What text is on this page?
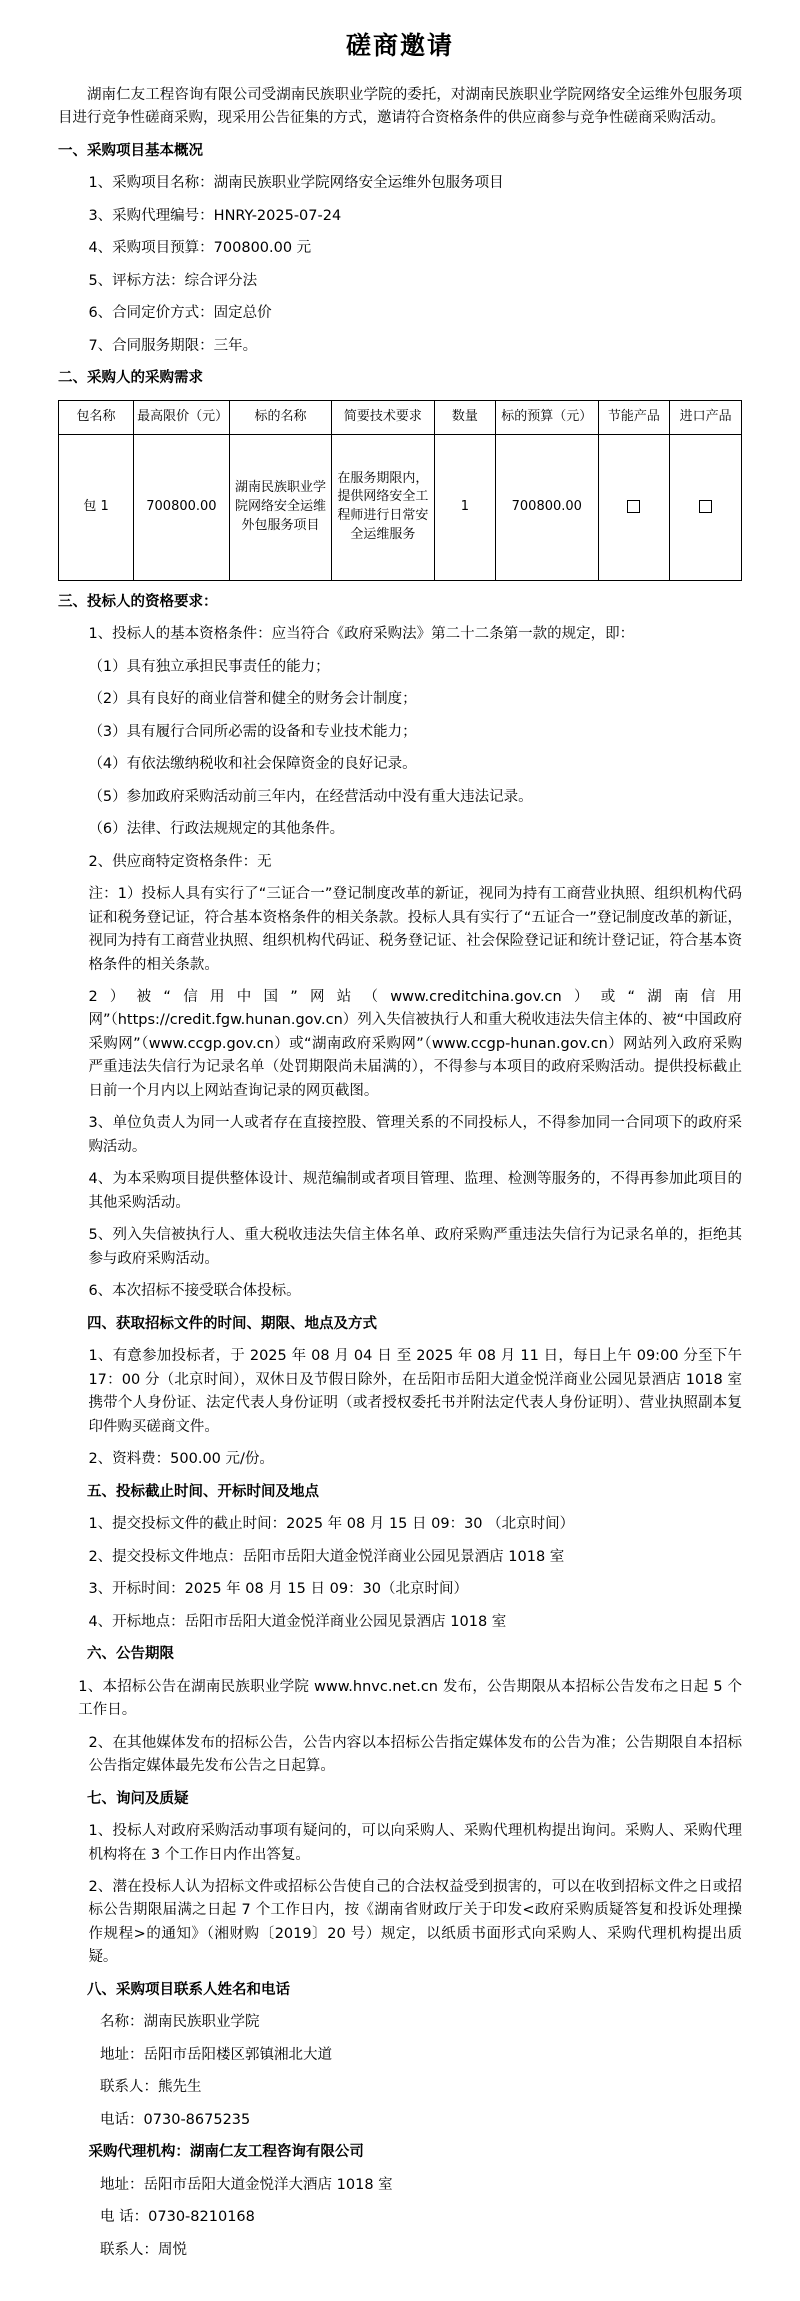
磋商邀请

湖南仁友工程咨询有限公司受湖南民族职业学院的委托，对湖南民族职业学院网络安全运维外包服务项目进行竞争性磋商采购，现采用公告征集的方式，邀请符合资格条件的供应商参与竞争性磋商采购活动。

一、采购项目基本概况

1、采购项目名称：湖南民族职业学院网络安全运维外包服务项目

3、采购代理编号：HNRY-2025-07-24

4、采购项目预算：700800.00 元

5、评标方法：综合评分法

6、合同定价方式：固定总价

7、合同服务期限：三年。

二、采购人的采购需求
包名称	最高限价（元）	标的名称	简要技术要求	数量	标的预算（元）	节能产品	进口产品
包 1	700800.00	湖南民族职业学院网络安全运维外包服务项目	在服务期限内，提供网络安全工程师进行日常安全运维服务	1	700800.00		
三、投标人的资格要求：

1、投标人的基本资格条件：应当符合《政府采购法》第二十二条第一款的规定，即：

（1）具有独立承担民事责任的能力；

（2）具有良好的商业信誉和健全的财务会计制度；

（3）具有履行合同所必需的设备和专业技术能力；

（4）有依法缴纳税收和社会保障资金的良好记录。

（5）参加政府采购活动前三年内，在经营活动中没有重大违法记录。

（6）法律、行政法规规定的其他条件。

2、供应商特定资格条件：无

注：1）投标人具有实行了“三证合一”登记制度改革的新证，视同为持有工商营业执照、组织机构代码证和税务登记证，符合基本资格条件的相关条款。投标人具有实行了“五证合一”登记制度改革的新证，视同为持有工商营业执照、组织机构代码证、税务登记证、社会保险登记证和统计登记证，符合基本资格条件的相关条款。

2）被“信用中国”网站（www.creditchina.gov.cn）或“湖南信用网”（https://credit.fgw.hunan.gov.cn）列入失信被执行人和重大税收违法失信主体的、被“中国政府采购网”（www.ccgp.gov.cn）或“湖南政府采购网”（www.ccgp-hunan.gov.cn）网站列入政府采购严重违法失信行为记录名单（处罚期限尚未届满的），不得参与本项目的政府采购活动。提供投标截止日前一个月内以上网站查询记录的网页截图。

3、单位负责人为同一人或者存在直接控股、管理关系的不同投标人，不得参加同一合同项下的政府采购活动。

4、为本采购项目提供整体设计、规范编制或者项目管理、监理、检测等服务的，不得再参加此项目的其他采购活动。

5、列入失信被执行人、重大税收违法失信主体名单、政府采购严重违法失信行为记录名单的，拒绝其参与政府采购活动。

6、本次招标不接受联合体投标。

四、获取招标文件的时间、期限、地点及方式

1、有意参加投标者，于 2025 年 08 月 04 日 至 2025 年 08 月 11 日，每日上午 09:00 分至下午 17：00 分（北京时间），双休日及节假日除外，在岳阳市岳阳大道金悦洋商业公园见景酒店 1018 室携带个人身份证、法定代表人身份证明（或者授权委托书并附法定代表人身份证明）、营业执照副本复印件购买磋商文件。

2、资料费：500.00 元/份。

五、投标截止时间、开标时间及地点

1、提交投标文件的截止时间：2025 年 08 月 15 日 09：30 （北京时间）

2、提交投标文件地点：岳阳市岳阳大道金悦洋商业公园见景酒店 1018 室

3、开标时间：2025 年 08 月 15 日 09：30（北京时间）

4、开标地点：岳阳市岳阳大道金悦洋商业公园见景酒店 1018 室

六、公告期限

1、本招标公告在湖南民族职业学院 www.hnvc.net.cn 发布，公告期限从本招标公告发布之日起 5 个工作日。

2、在其他媒体发布的招标公告，公告内容以本招标公告指定媒体发布的公告为准；公告期限自本招标公告指定媒体最先发布公告之日起算。

七、询问及质疑

1、投标人对政府采购活动事项有疑问的，可以向采购人、采购代理机构提出询问。采购人、采购代理机构将在 3 个工作日内作出答复。

2、潜在投标人认为招标文件或招标公告使自己的合法权益受到损害的，可以在收到招标文件之日或招标公告期限届满之日起 7 个工作日内，按《湖南省财政厅关于印发<政府采购质疑答复和投诉处理操作规程>的通知》（湘财购〔2019〕20 号）规定，以纸质书面形式向采购人、采购代理机构提出质疑。

八、采购项目联系人姓名和电话

名称：湖南民族职业学院

地址：岳阳市岳阳楼区郭镇湘北大道

联系人：熊先生

电话：0730-8675235

采购代理机构：湖南仁友工程咨询有限公司

地址：岳阳市岳阳大道金悦洋大酒店 1018 室

电 话：0730-8210168

联系人：周悦
